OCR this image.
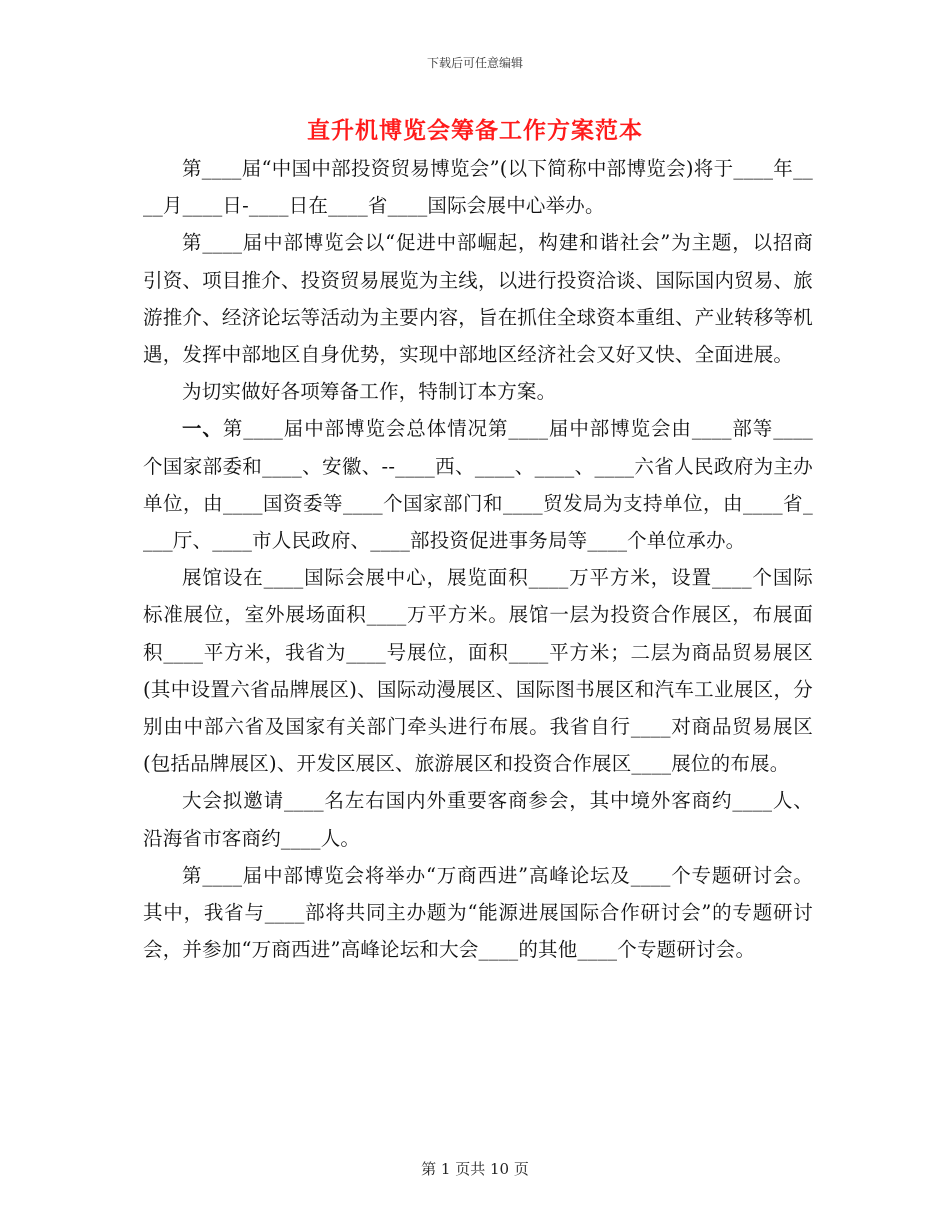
下载后可任意编辑
直升机博览会筹备工作方案范本

第____届“中国中部投资贸易博览会”(以下简称中部博览会)将于____年____月____日-____日在____省____国际会展中心举办。

第____届中部博览会以“促进中部崛起，构建和谐社会”为主题，以招商引资、项目推介、投资贸易展览为主线，以进行投资洽谈、国际国内贸易、旅游推介、经济论坛等活动为主要内容，旨在抓住全球资本重组、产业转移等机遇，发挥中部地区自身优势，实现中部地区经济社会又好又快、全面进展。

为切实做好各项筹备工作，特制订本方案。

一、第____届中部博览会总体情况第____届中部博览会由____部等____个国家部委和____、安徽、--____西、____、____、____六省人民政府为主办单位，由____国资委等____个国家部门和____贸发局为支持单位，由____省____厅、____市人民政府、____部投资促进事务局等____个单位承办。

展馆设在____国际会展中心，展览面积____万平方米，设置____个国际标准展位，室外展场面积____万平方米。展馆一层为投资合作展区，布展面积____平方米，我省为____号展位，面积____平方米；二层为商品贸易展区(其中设置六省品牌展区)、国际动漫展区、国际图书展区和汽车工业展区，分别由中部六省及国家有关部门牵头进行布展。我省自行____对商品贸易展区(包括品牌展区)、开发区展区、旅游展区和投资合作展区____展位的布展。

大会拟邀请____名左右国内外重要客商参会，其中境外客商约____人、沿海省市客商约____人。

第____届中部博览会将举办“万商西进”高峰论坛及____个专题研讨会。其中，我省与____部将共同主办题为“能源进展国际合作研讨会”的专题研讨会，并参加“万商西进”高峰论坛和大会____的其他____个专题研讨会。

第 1 页共 10 页
